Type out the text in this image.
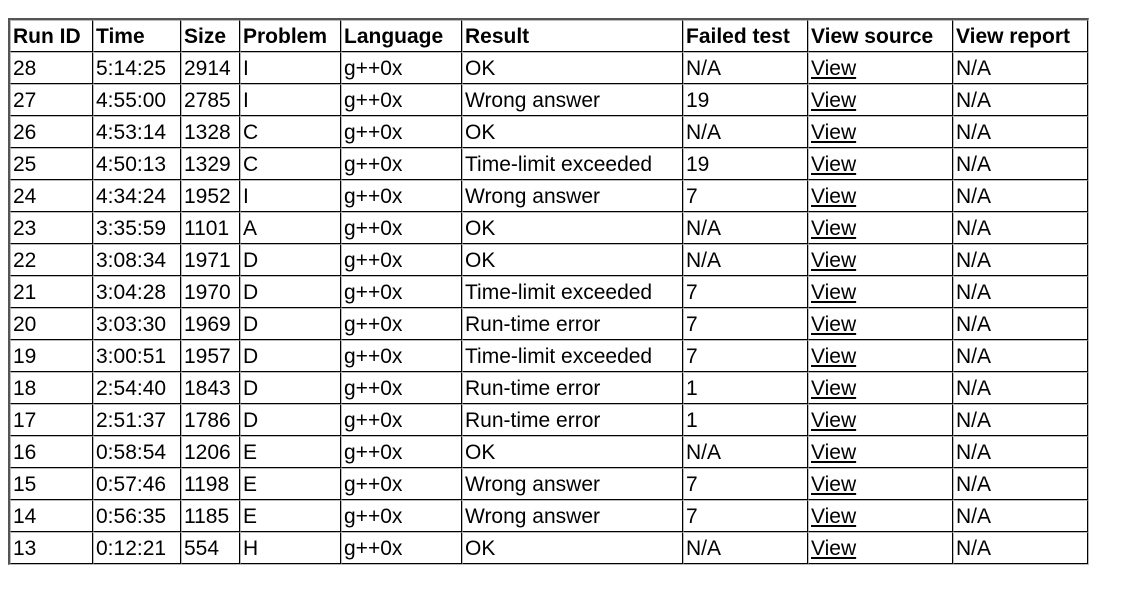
Run ID	Time	Size	Problem	Language	Result	Failed test	View source	View report
28	5:14:25	2914	I	g++0x	OK	N/A	View	N/A
27	4:55:00	2785	I	g++0x	Wrong answer	19	View	N/A
26	4:53:14	1328	C	g++0x	OK	N/A	View	N/A
25	4:50:13	1329	C	g++0x	Time-limit exceeded	19	View	N/A
24	4:34:24	1952	I	g++0x	Wrong answer	7	View	N/A
23	3:35:59	1101	A	g++0x	OK	N/A	View	N/A
22	3:08:34	1971	D	g++0x	OK	N/A	View	N/A
21	3:04:28	1970	D	g++0x	Time-limit exceeded	7	View	N/A
20	3:03:30	1969	D	g++0x	Run-time error	7	View	N/A
19	3:00:51	1957	D	g++0x	Time-limit exceeded	7	View	N/A
18	2:54:40	1843	D	g++0x	Run-time error	1	View	N/A
17	2:51:37	1786	D	g++0x	Run-time error	1	View	N/A
16	0:58:54	1206	E	g++0x	OK	N/A	View	N/A
15	0:57:46	1198	E	g++0x	Wrong answer	7	View	N/A
14	0:56:35	1185	E	g++0x	Wrong answer	7	View	N/A
13	0:12:21	554	H	g++0x	OK	N/A	View	N/A
